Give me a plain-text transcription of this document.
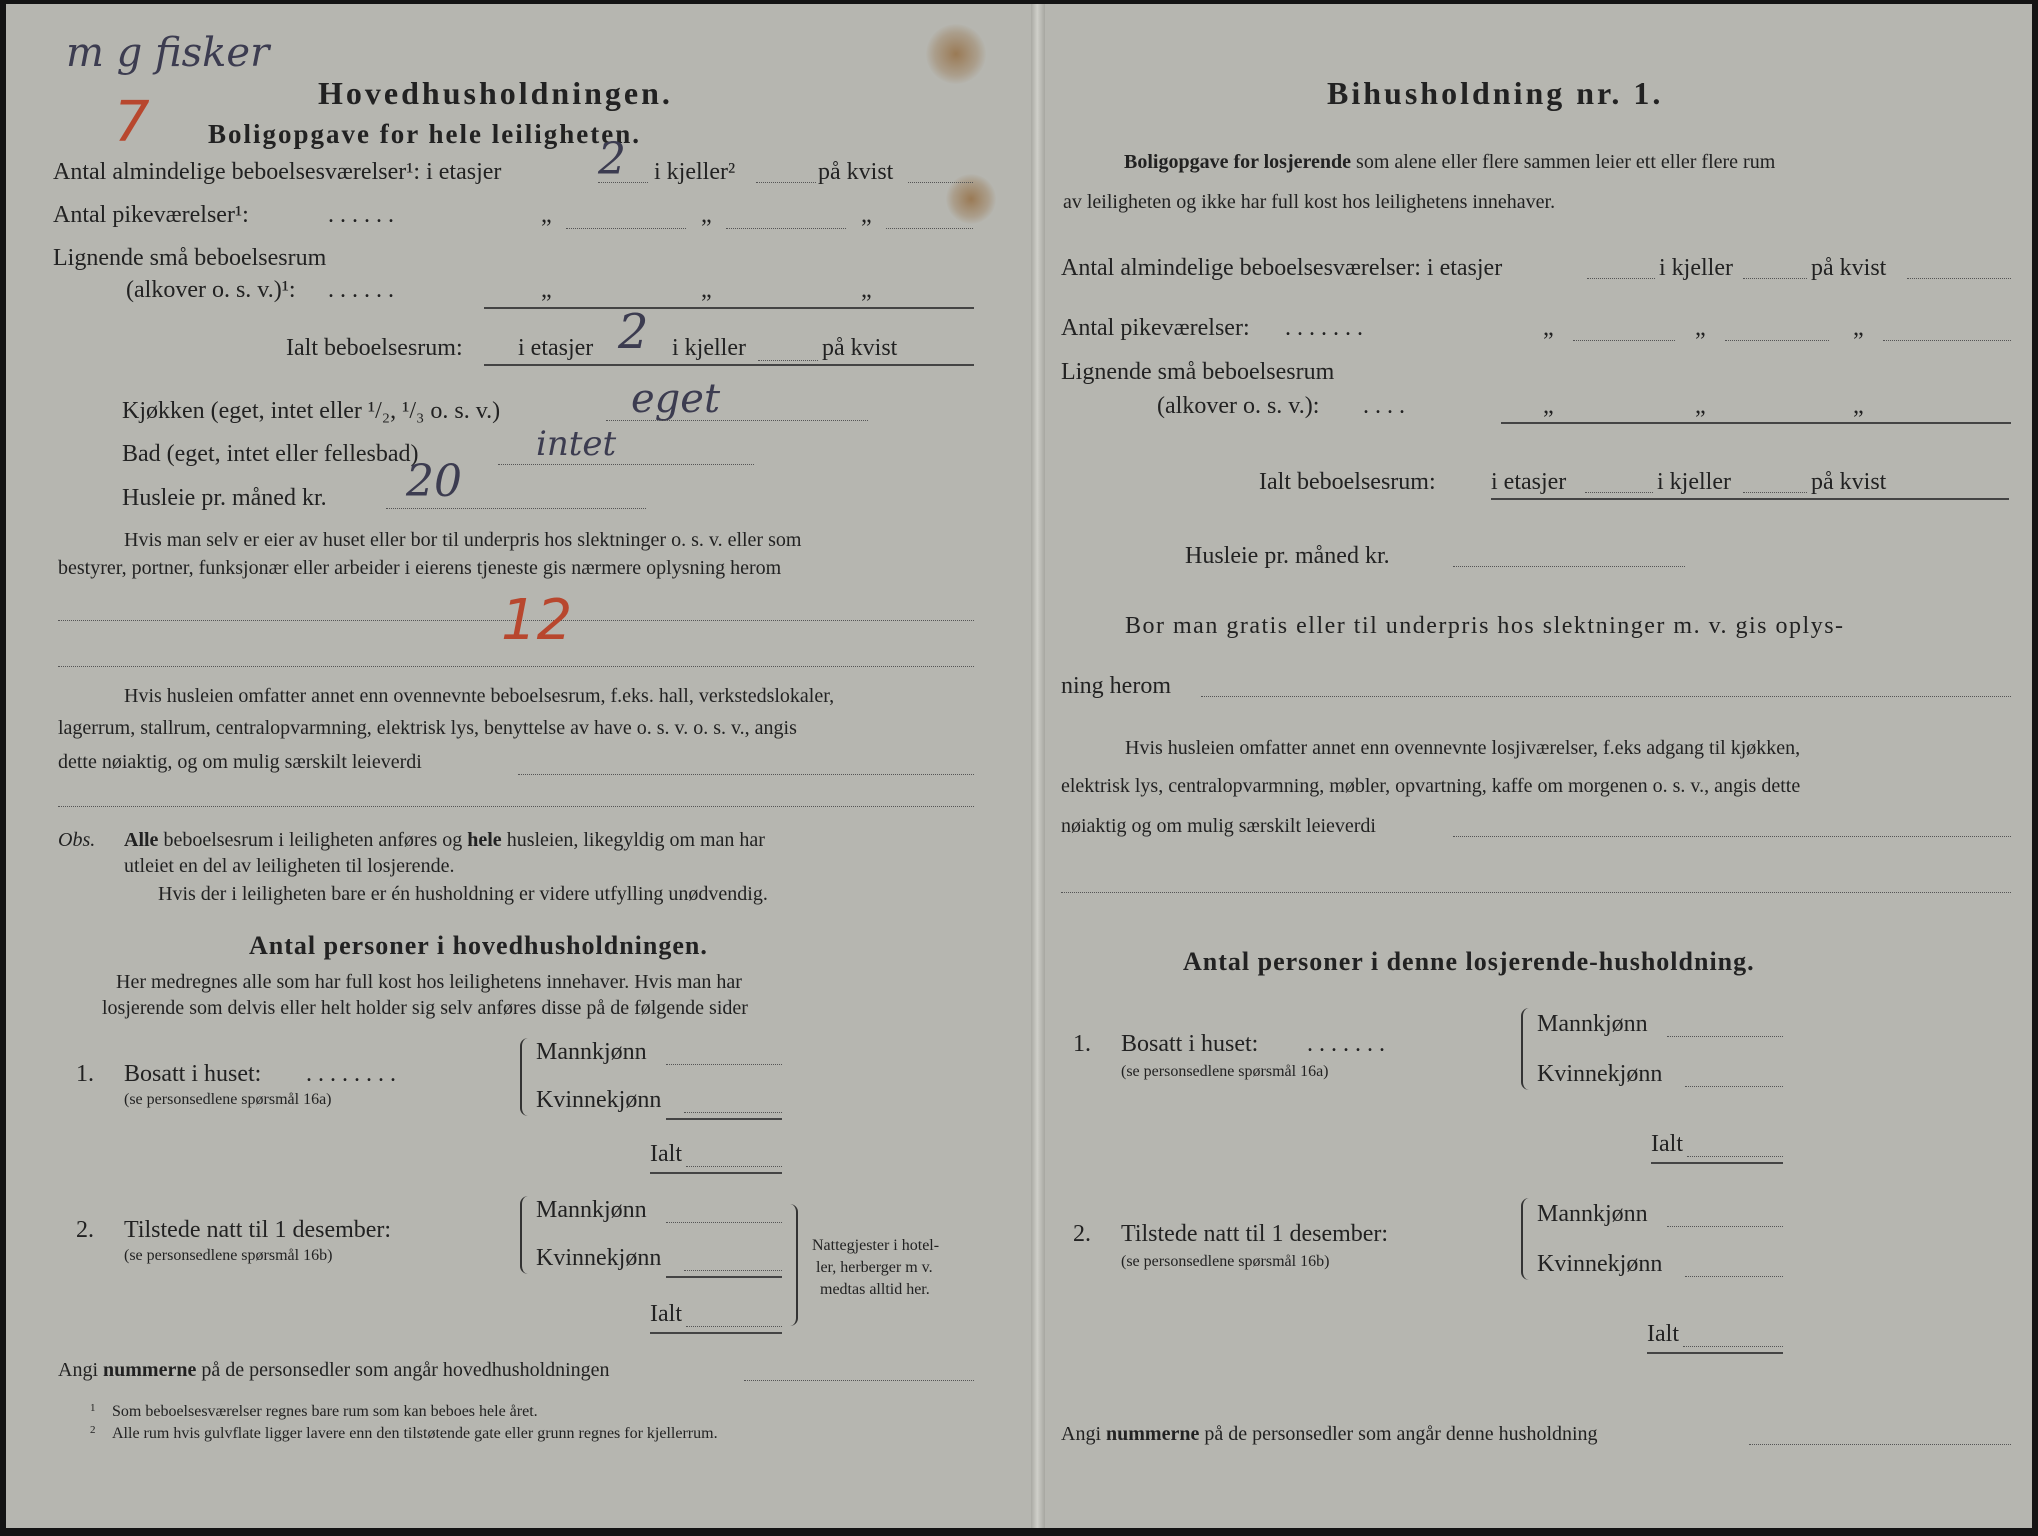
m g fisker
7	Hovedhusholdningen.
Boligopgave for hele leiligheten.
Antal almindelige beboelsesværelser¹: i etasjer 2 i kjeller²	på kvist
Antal pikeværelser¹:	. . . . . .	„	„	„
Lignende små beboelsesrum
(alkover o. s. v.)¹: . . . . . .	„	„	„
Ialt beboelsesrum: i etasjer 2 i kjeller	på kvist
Kjøkken (eget, intet eller ¹/₂, ¹/₃ o. s. v.)	eget
Bad (eget, intet eller fellesbad)	intet
Husleie pr. måned kr. 20
Hvis man selv er eier av huset eller bor til underpris hos slektninger o. s. v. eller som
bestyrer, portner, funksjonær eller arbeider i eierens tjeneste gis nærmere oplysning herom
12
Hvis husleien omfatter annet enn ovennevnte beboelsesrum, f.eks. hall, verkstedslokaler,
lagerrum, stallrum, centralopvarmning, elektrisk lys, benyttelse av have o. s. v. o. s. v., angis
dette nøiaktig, og om mulig særskilt leieverdi
Obs. Alle beboelsesrum i leiligheten anføres og hele husleien, likegyldig om man har
utleiet en del av leiligheten til losjerende.
Hvis der i leiligheten bare er én husholdning er videre utfylling unødvendig.
Antal personer i hovedhusholdningen.
Her medregnes alle som har full kost hos leilighetens innehaver. Hvis man har
losjerende som delvis eller helt holder sig selv anføres disse på de følgende sider
1. Bosatt i huset: . . . . . . . .
(se personsedlene spørsmål 16a)
Mannkjønn
Kvinnekjønn
Ialt
2. Tilstede natt til 1 desember:
(se personsedlene spørsmål 16b)
Mannkjønn
Kvinnekjønn
Ialt
Nattegjester i hotel-
ler, herberger m v.
medtas alltid her.
Angi nummerne på de personsedler som angår hovedhusholdningen
1 Som beboelsesværelser regnes bare rum som kan beboes hele året.
2 Alle rum hvis gulvflate ligger lavere enn den tilstøtende gate eller grunn regnes for kjellerrum.
Bihusholdning nr. 1.
Boligopgave for losjerende som alene eller flere sammen leier ett eller flere rum
av leiligheten og ikke har full kost hos leilighetens innehaver.
Antal almindelige beboelsesværelser: i etasjer	i kjeller	på kvist
Antal pikeværelser: . . . . . . .	„	„	„
Lignende små beboelsesrum
(alkover o. s. v.): . . . .	„	„	„
Ialt beboelsesrum: i etasjer	i kjeller	på kvist
Husleie pr. måned kr.
Bor man gratis eller til underpris hos slektninger m. v. gis oplys-
ning herom
Hvis husleien omfatter annet enn ovennevnte losjiværelser, f.eks adgang til kjøkken,
elektrisk lys, centralopvarmning, møbler, opvartning, kaffe om morgenen o. s. v., angis dette
nøiaktig og om mulig særskilt leieverdi
Antal personer i denne losjerende-husholdning.
1. Bosatt i huset: . . . . . . .
(se personsedlene spørsmål 16a)
Mannkjønn
Kvinnekjønn
Ialt
2. Tilstede natt til 1 desember:
(se personsedlene spørsmål 16b)
Mannkjønn
Kvinnekjønn
Ialt
Angi nummerne på de personsedler som angår denne husholdning
